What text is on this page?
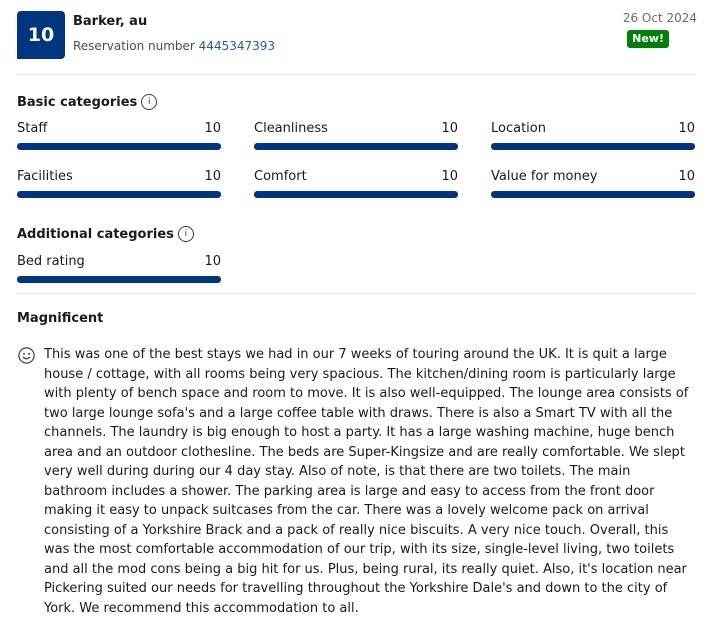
10
Barker, au
Reservation number 4445347393
26 Oct 2024
New!
Basic categories	i
Staff	10	Cleanliness	10	Location	10
Facilities	10	Comfort	10	Value for money	10
Additional categories	i
Bed rating	10
Magnificent

This was one of the best stays we had in our 7 weeks of touring around the UK. It is quit a large house / cottage, with all rooms being very spacious. The kitchen/dining room is particularly large with plenty of bench space and room to move. It is also well-equipped. The lounge area consists of two large lounge sofa's and a large coffee table with draws. There is also a Smart TV with all the channels. The laundry is big enough to host a party. It has a large washing machine, huge bench area and an outdoor clothesline. The beds are Super-Kingsize and are really comfortable. We slept very well during during our 4 day stay. Also of note, is that there are two toilets. The main bathroom includes a shower. The parking area is large and easy to access from the front door making it easy to unpack suitcases from the car. There was a lovely welcome pack on arrival consisting of a Yorkshire Brack and a pack of really nice biscuits. A very nice touch. Overall, this was the most comfortable accommodation of our trip, with its size, single-level living, two toilets and all the mod cons being a big hit for us. Plus, being rural, its really quiet. Also, it's location near Pickering suited our needs for travelling throughout the Yorkshire Dale's and down to the city of York. We recommend this accommodation to all.
